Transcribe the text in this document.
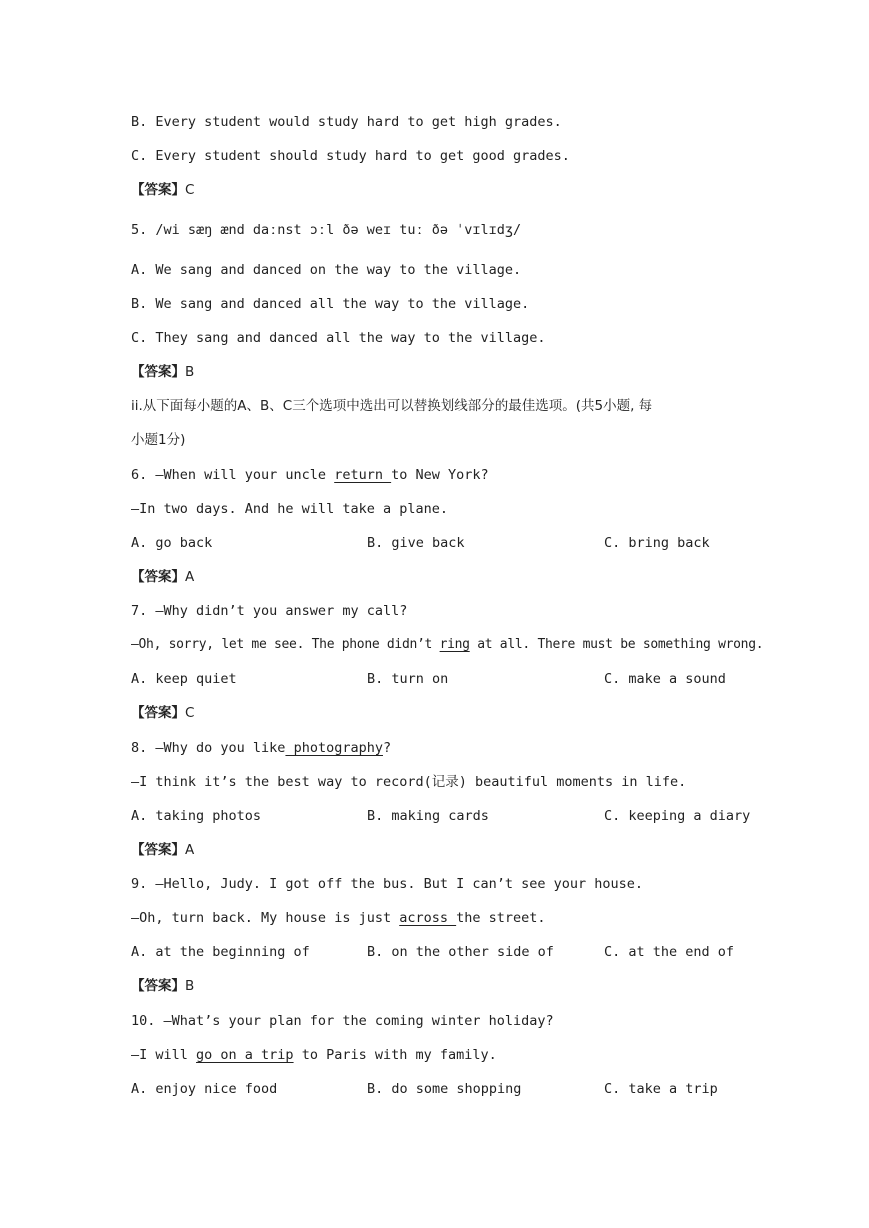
B. Every student would study hard to get high grades.
C. Every student should study hard to get good grades.
【答案】C
5. /wi sæŋ ænd daːnst ɔːl ðə weɪ tuː ðə ˈvɪlɪdʒ/
A. We sang and danced on the way to the village.
B. We sang and danced all the way to the village.
C. They sang and danced all the way to the village.
【答案】B
ii.从下面每小题的A、B、C三个选项中选出可以替换划线部分的最佳选项。(共5小题, 每
小题1分)
6. —When will your uncle return to New York?
—In two days. And he will take a plane.
A. go back	B. give back	C. bring back
【答案】A
7. —Why didn’t you answer my call?
—Oh, sorry, let me see. The phone didn’t ring at all. There must be something wrong.
A. keep quiet	B. turn on	C. make a sound
【答案】C
8. —Why do you like photography?
—I think it’s the best way to record(记录) beautiful moments in life.
A. taking photos	B. making cards	C. keeping a diary
【答案】A
9. —Hello, Judy. I got off the bus. But I can’t see your house.
—Oh, turn back. My house is just across the street.
A. at the beginning of	B. on the other side of	C. at the end of
【答案】B
10. —What’s your plan for the coming winter holiday?
—I will go on a trip to Paris with my family.
A. enjoy nice food	B. do some shopping	C. take a trip
